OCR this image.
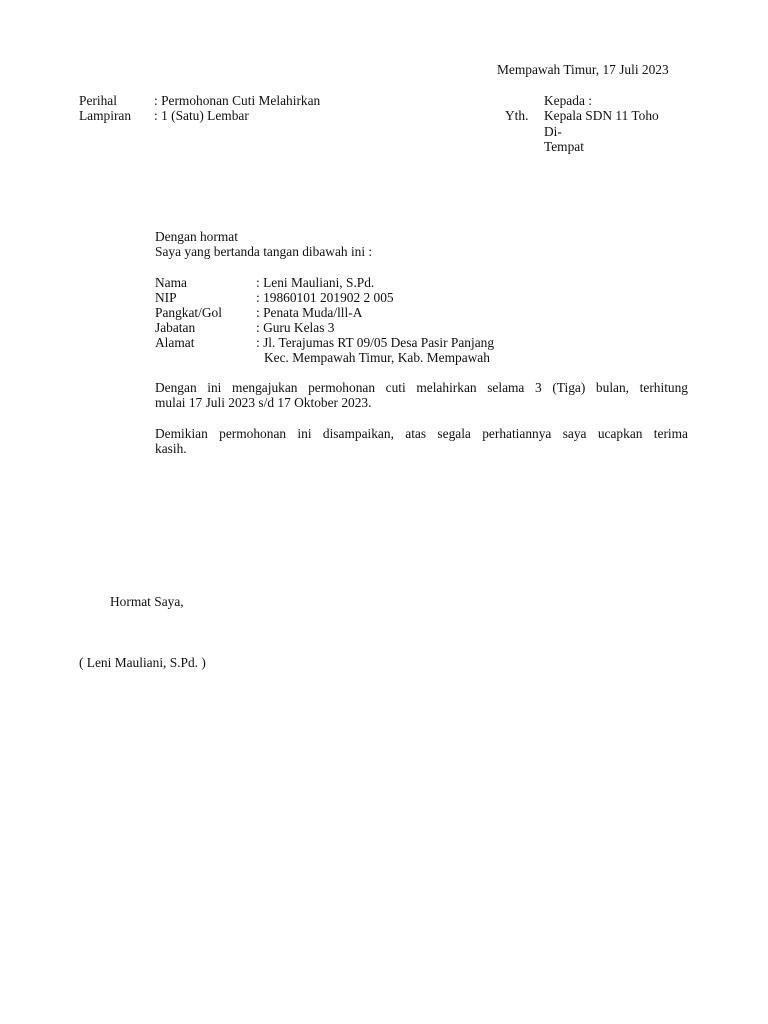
Mempawah Timur, 17 Juli 2023
Perihal	: Permohonan Cuti Melahirkan
Lampiran : 1 (Satu) Lembar	Yth.
Kepada :
Kepala SDN 11 Toho
Di-
Tempat
Dengan hormat
Saya yang bertanda tangan dibawah ini :
Nama	: Leni Mauliani, S.Pd.
NIP	: 19860101 201902 2 005
Pangkat/Gol	: Penata Muda/lll-A
Jabatan	: Guru Kelas 3
Alamat	: Jl. Terajumas RT 09/05 Desa Pasir Panjang
Kec. Mempawah Timur, Kab. Mempawah
Dengan ini mengajukan permohonan cuti melahirkan selama 3 (Tiga) bulan, terhitung
mulai 17 Juli 2023 s/d 17 Oktober 2023.
Demikian permohonan ini disampaikan, atas segala perhatiannya saya ucapkan terima
kasih.
Hormat Saya,
( Leni Mauliani, S.Pd. )
